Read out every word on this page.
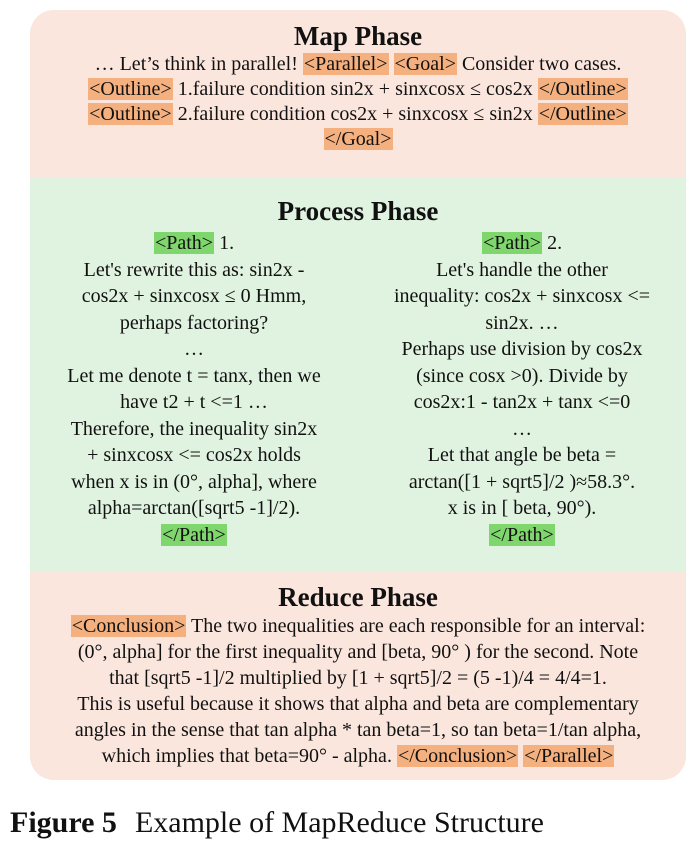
Map Phase
… Let’s think in parallel! <Parallel> <Goal> Consider two cases.
<Outline> 1.failure condition sin2x + sinxcosx ≤ cos2x </Outline>
<Outline> 2.failure condition cos2x + sinxcosx ≤ sin2x </Outline>
</Goal>
Process Phase
<Path> 1.
Let's rewrite this as: sin2x -
cos2x + sinxcosx ≤ 0 Hmm,
perhaps factoring?
…
Let me denote t = tanx, then we
have t2 + t <=1 …
Therefore, the inequality sin2x
+ sinxcosx <= cos2x holds
when x is in (0°, alpha], where
alpha=arctan([sqrt5 -1]/2).
</Path>
<Path> 2.
Let's handle the other
inequality: cos2x + sinxcosx <=
sin2x. …
Perhaps use division by cos2x
(since cosx >0). Divide by
cos2x:1 - tan2x + tanx <=0
…
Let that angle be beta =
arctan([1 + sqrt5]/2 )≈58.3°.
x is in [ beta, 90°).
</Path>
Reduce Phase
<Conclusion> The two inequalities are each responsible for an interval:
(0°, alpha] for the first inequality and [beta, 90° ) for the second. Note
that [sqrt5 -1]/2 multiplied by [1 + sqrt5]/2 = (5 -1)/4 = 4/4=1.
This is useful because it shows that alpha and beta are complementary
angles in the sense that tan alpha * tan beta=1, so tan beta=1/tan alpha,
which implies that beta=90° - alpha. </Conclusion> </Parallel>
Figure 5 Example of MapReduce Structure
